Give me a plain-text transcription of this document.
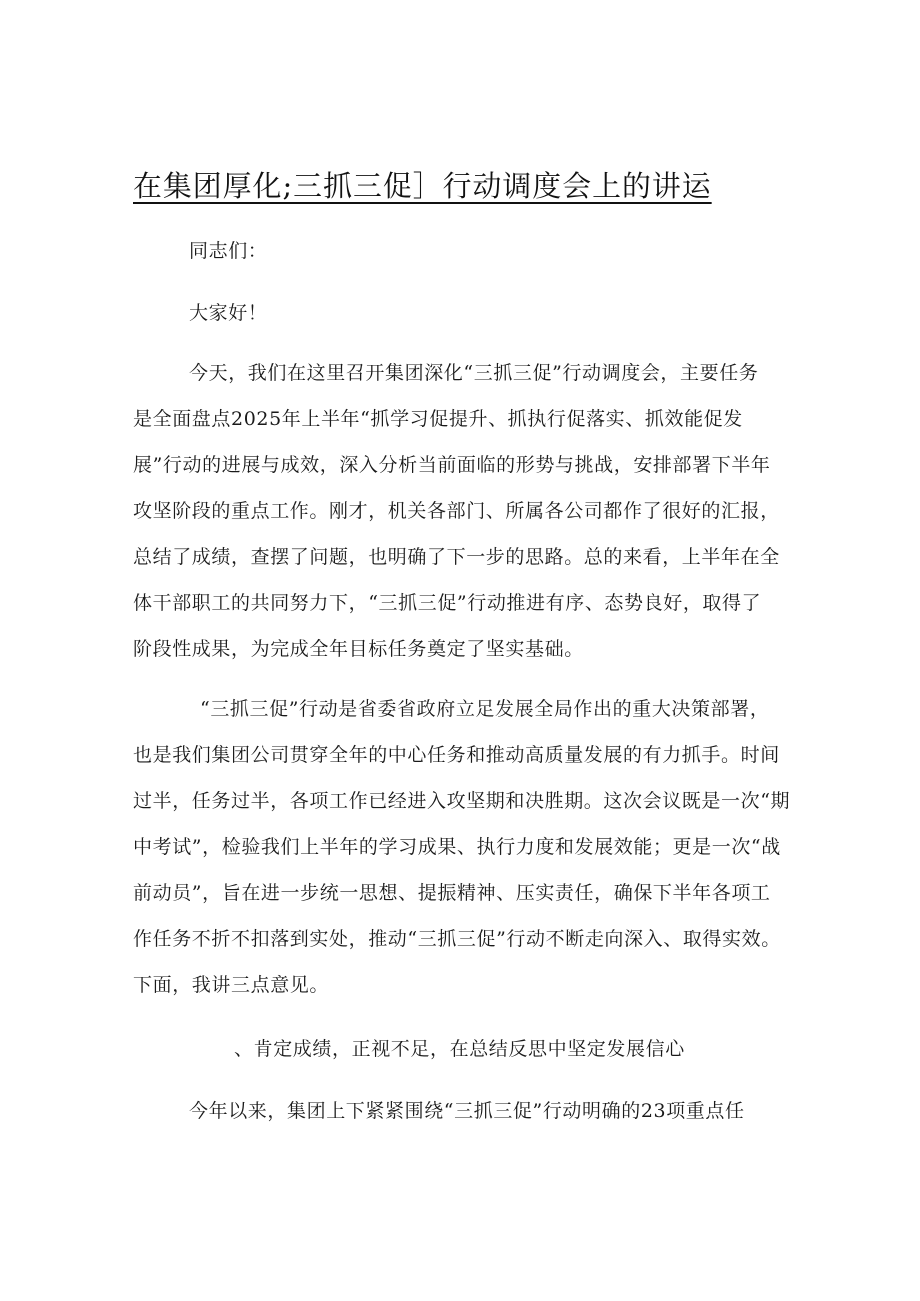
在集团厚化;三抓三促］行动调度会上的讲运
同志们：
大家好！
今天，我们在这里召开集团深化“三抓三促”行动调度会，主要任务
是全面盘点2025年上半年“抓学习促提升、抓执行促落实、抓效能促发
展”行动的进展与成效，深入分析当前面临的形势与挑战，安排部署下半年
攻坚阶段的重点工作。刚才，机关各部门、所属各公司都作了很好的汇报，
总结了成绩，查摆了问题，也明确了下一步的思路。总的来看，上半年在全
体干部职工的共同努力下，“三抓三促”行动推进有序、态势良好，取得了
阶段性成果，为完成全年目标任务奠定了坚实基础。
“三抓三促”行动是省委省政府立足发展全局作出的重大决策部署，
也是我们集团公司贯穿全年的中心任务和推动高质量发展的有力抓手。时间
过半，任务过半，各项工作已经进入攻坚期和决胜期。这次会议既是一次“期
中考试”，检验我们上半年的学习成果、执行力度和发展效能；更是一次“战
前动员”，旨在进一步统一思想、提振精神、压实责任，确保下半年各项工
作任务不折不扣落到实处，推动“三抓三促”行动不断走向深入、取得实效。
下面，我讲三点意见。
、肯定成绩，正视不足，在总结反思中坚定发展信心
今年以来，集团上下紧紧围绕“三抓三促”行动明确的23项重点任
